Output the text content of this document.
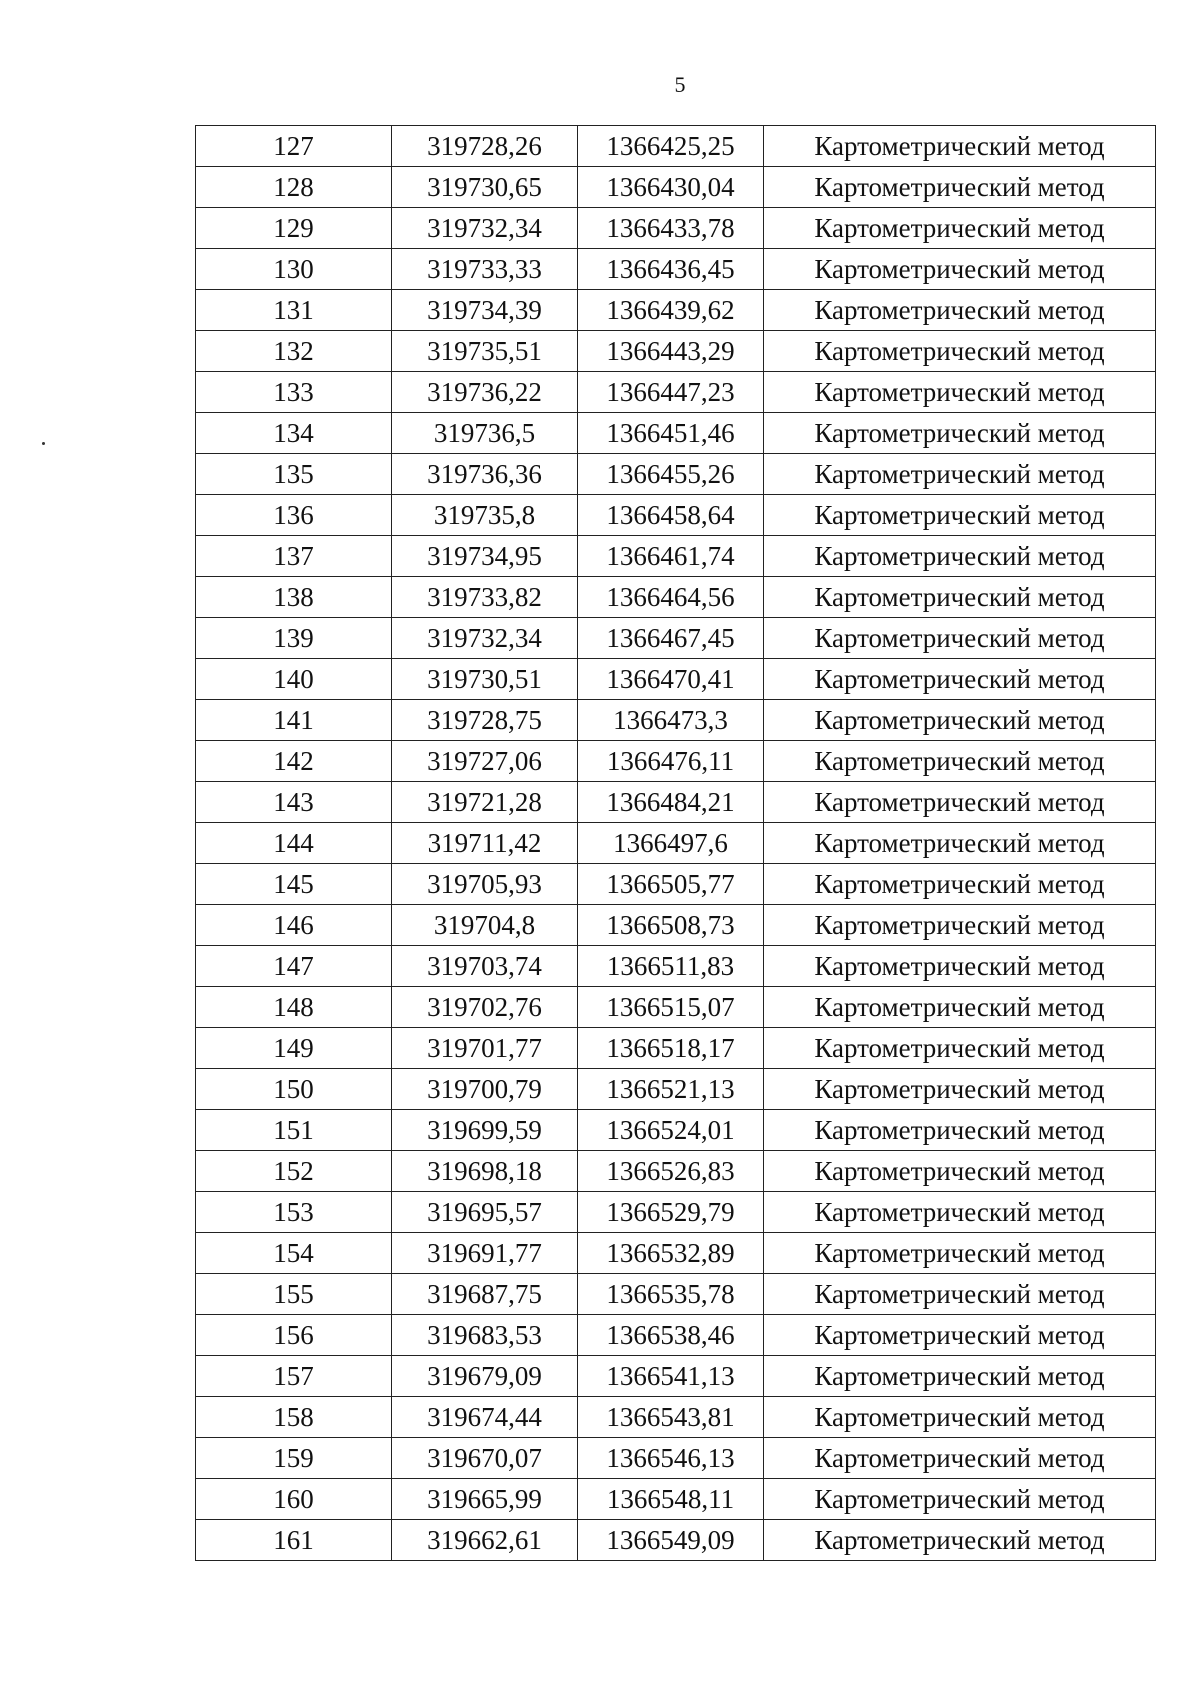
5
127	319728,26	1366425,25	Картометрический метод
128	319730,65	1366430,04	Картометрический метод
129	319732,34	1366433,78	Картометрический метод
130	319733,33	1366436,45	Картометрический метод
131	319734,39	1366439,62	Картометрический метод
132	319735,51	1366443,29	Картометрический метод
133	319736,22	1366447,23	Картометрический метод
134	319736,5	1366451,46	Картометрический метод
135	319736,36	1366455,26	Картометрический метод
136	319735,8	1366458,64	Картометрический метод
137	319734,95	1366461,74	Картометрический метод
138	319733,82	1366464,56	Картометрический метод
139	319732,34	1366467,45	Картометрический метод
140	319730,51	1366470,41	Картометрический метод
141	319728,75	1366473,3	Картометрический метод
142	319727,06	1366476,11	Картометрический метод
143	319721,28	1366484,21	Картометрический метод
144	319711,42	1366497,6	Картометрический метод
145	319705,93	1366505,77	Картометрический метод
146	319704,8	1366508,73	Картометрический метод
147	319703,74	1366511,83	Картометрический метод
148	319702,76	1366515,07	Картометрический метод
149	319701,77	1366518,17	Картометрический метод
150	319700,79	1366521,13	Картометрический метод
151	319699,59	1366524,01	Картометрический метод
152	319698,18	1366526,83	Картометрический метод
153	319695,57	1366529,79	Картометрический метод
154	319691,77	1366532,89	Картометрический метод
155	319687,75	1366535,78	Картометрический метод
156	319683,53	1366538,46	Картометрический метод
157	319679,09	1366541,13	Картометрический метод
158	319674,44	1366543,81	Картометрический метод
159	319670,07	1366546,13	Картометрический метод
160	319665,99	1366548,11	Картометрический метод
161	319662,61	1366549,09	Картометрический метод
